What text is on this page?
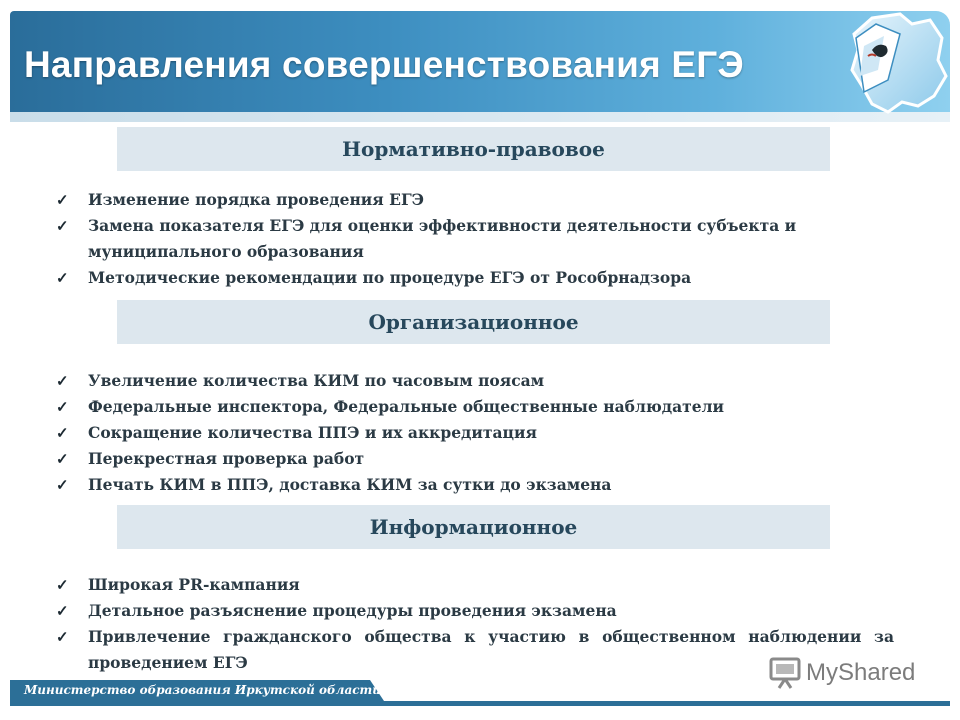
Направления совершенствования ЕГЭ
Нормативно-правовое
✓ Изменение порядка проведения ЕГЭ
✓ Замена показателя ЕГЭ для оценки эффективности деятельности субъекта и муниципального образования
✓ Методические рекомендации по процедуре ЕГЭ от Рособрнадзора
Организационное
✓ Увеличение количества КИМ по часовым поясам
✓ Федеральные инспектора, Федеральные общественные наблюдатели
✓ Сокращение количества ППЭ и их аккредитация
✓ Перекрестная проверка работ
✓ Печать КИМ в ППЭ, доставка КИМ за сутки до экзамена
Информационное
✓ Широкая PR-кампания
✓ Детальное разъяснение процедуры проведения экзамена
✓ Привлечение гражданского общества к участию в общественном наблюдении за проведением ЕГЭ
Министерство образования Иркутской области
MyShared
